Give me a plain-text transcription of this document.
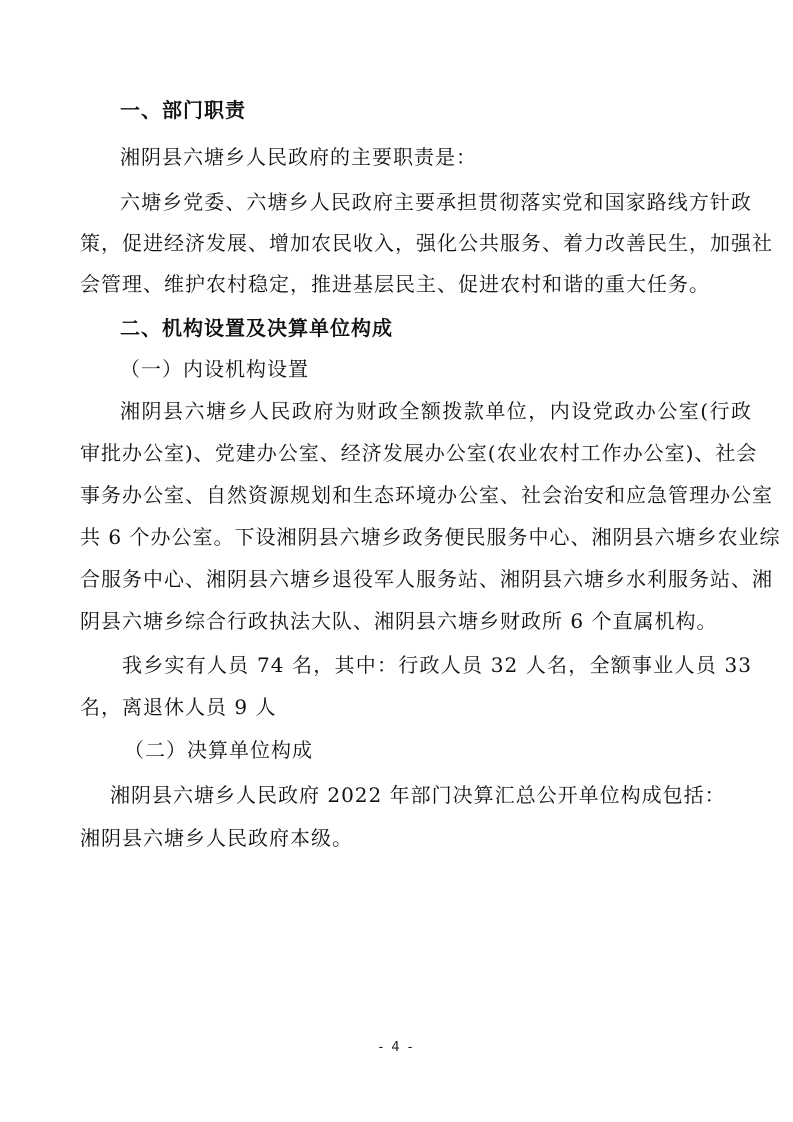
一、部门职责
湘阴县六塘乡人民政府的主要职责是：
六塘乡党委、六塘乡人民政府主要承担贯彻落实党和国家路线方针政
策，促进经济发展、增加农民收入，强化公共服务、着力改善民生，加强社
会管理、维护农村稳定，推进基层民主、促进农村和谐的重大任务。
二、机构设置及决算单位构成
（一）内设机构设置
湘阴县六塘乡人民政府为财政全额拨款单位，内设党政办公室(行政
审批办公室)、党建办公室、经济发展办公室(农业农村工作办公室)、社会
事务办公室、自然资源规划和生态环境办公室、社会治安和应急管理办公室
共 6 个办公室。下设湘阴县六塘乡政务便民服务中心、湘阴县六塘乡农业综
合服务中心、湘阴县六塘乡退役军人服务站、湘阴县六塘乡水利服务站、湘
阴县六塘乡综合行政执法大队、湘阴县六塘乡财政所 6 个直属机构。
我乡实有人员 74 名，其中：行政人员 32 人名，全额事业人员 33
名，离退休人员 9 人
（二）决算单位构成
湘阴县六塘乡人民政府 2022 年部门决算汇总公开单位构成包括：
湘阴县六塘乡人民政府本级。
- 4 -
